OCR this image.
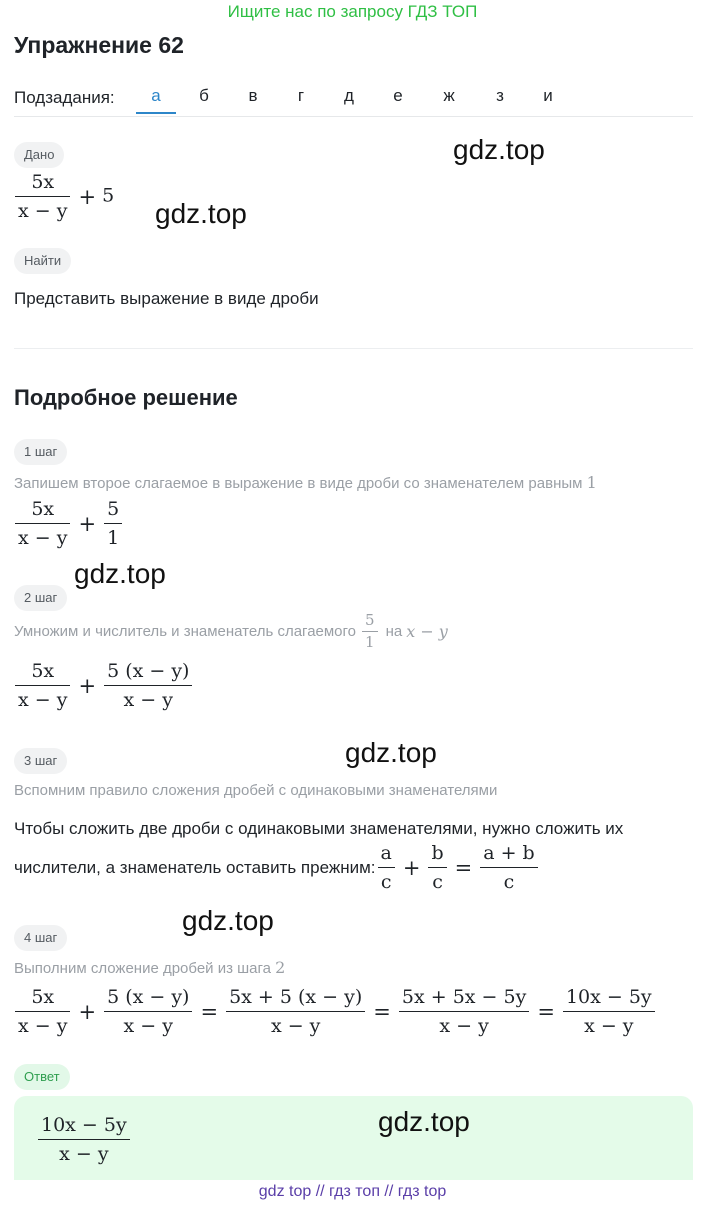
Ищите нас по запросу ГДЗ ТОП
Упражнение 62
Подзадания:	а	б	в	г	д	е	ж	з	и
Дано	gdz.top
$\frac{5x}{x - y} + 5$
gdz.top
Найти
Представить выражение в виде дроби
Подробное решение
1 шаг
Запишем второе слагаемое в выражение в виде дроби со знаменателем равным 1
$\frac{5x}{x - y} + \frac{5}{1}$
gdz.top
2 шаг
Умножим и числитель и знаменатель слагаемого $\frac{5}{1}$ на x − y
$\frac{5x}{x - y} + \frac{5 (x - y)}{x - y}$
3 шаг	gdz.top
Вспомним правило сложения дробей с одинаковыми знаменателями
Чтобы сложить две дроби с одинаковыми знаменателями, нужно сложить их
числители, а знаменатель оставить прежним: $\frac{a}{c} + \frac{b}{c} = \frac{a + b}{c}$
gdz.top
4 шаг
Выполним сложение дробей из шага 2
$\frac{5x}{x - y} + \frac{5 (x - y)}{x - y} = \frac{5x + 5 (x - y)}{x - y} = \frac{5x + 5x - 5y}{x - y} = \frac{10x - 5y}{x - y}$
Ответ
$\frac{10x - 5y}{x - y}$	gdz.top
gdz top // гдз топ // гдз top
